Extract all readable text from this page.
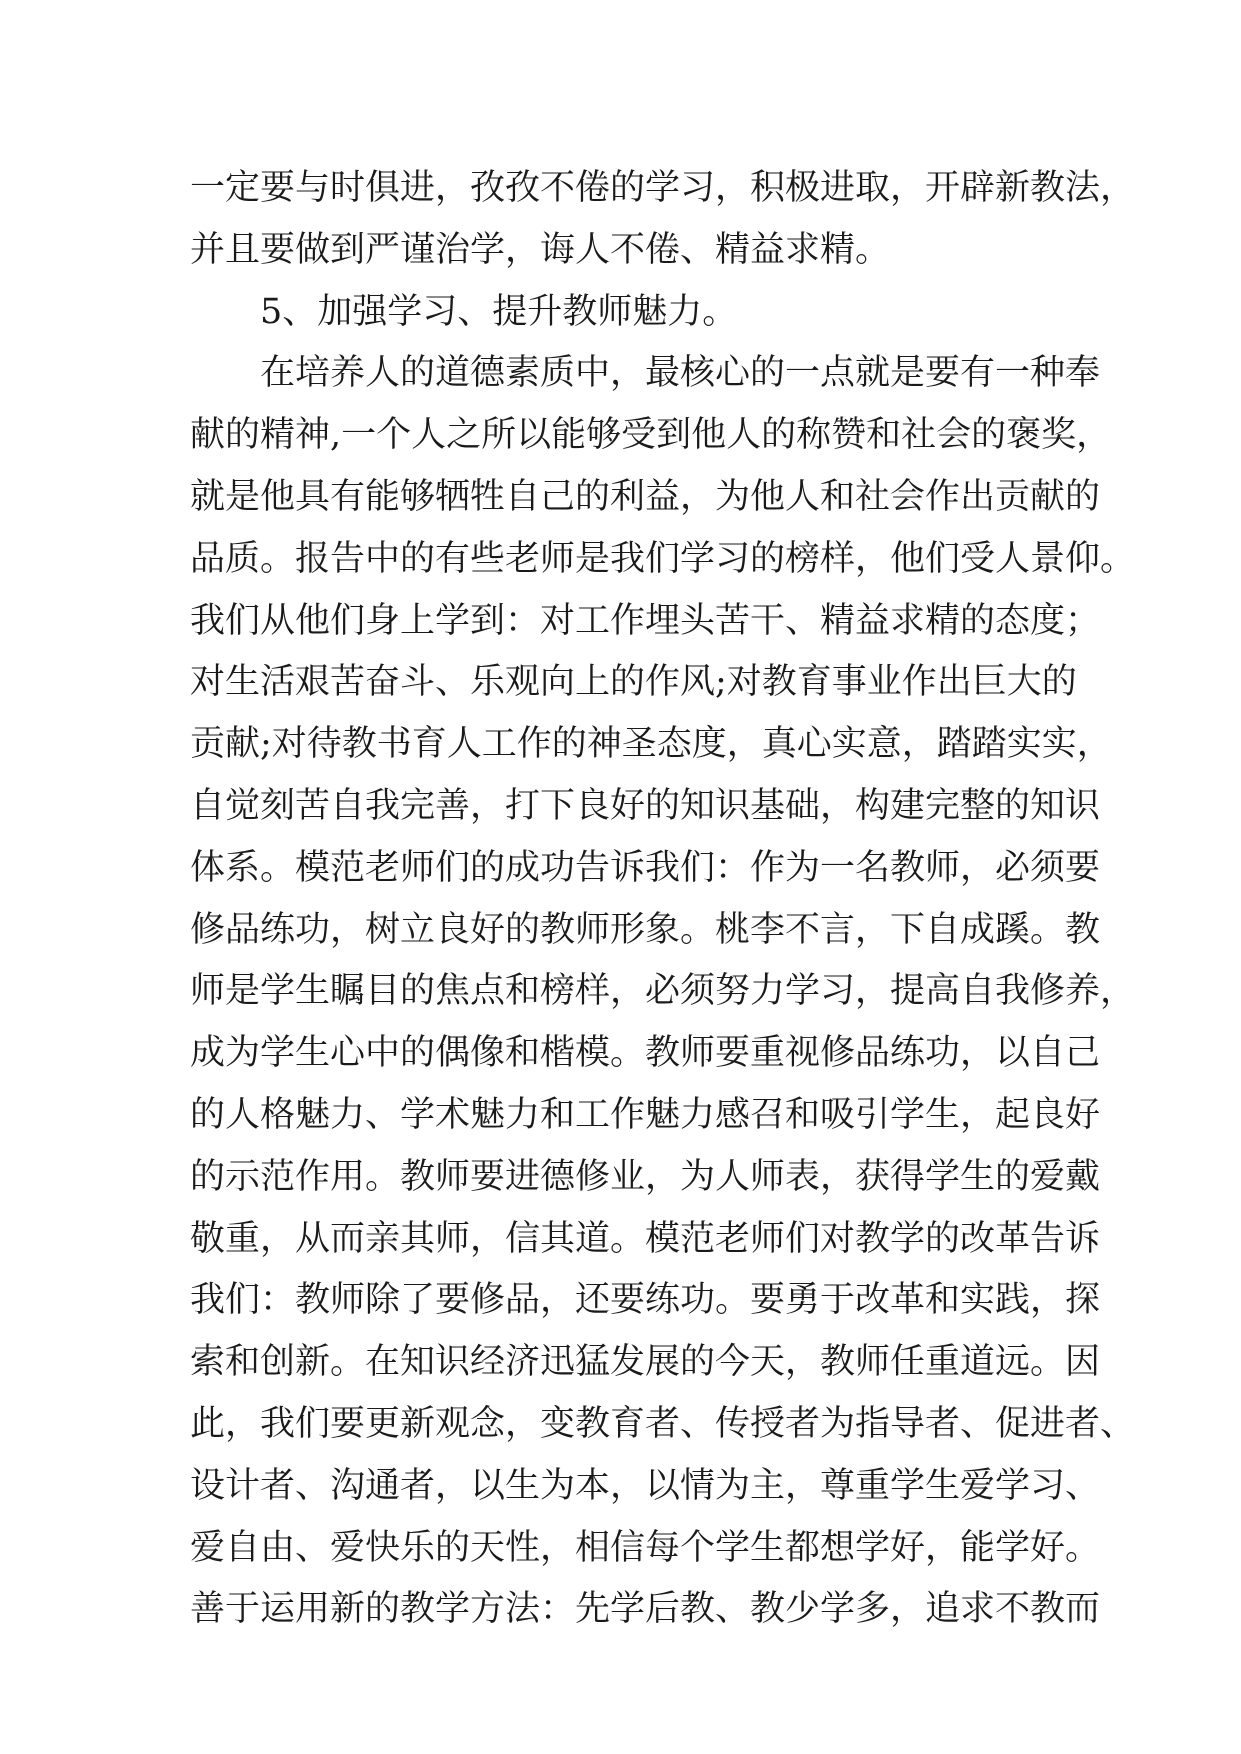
一定要与时俱进，孜孜不倦的学习，积极进取，开辟新教法，
并且要做到严谨治学，诲人不倦、精益求精。
5、加强学习、提升教师魅力。
在培养人的道德素质中，最核心的一点就是要有一种奉
献的精神,一个人之所以能够受到他人的称赞和社会的褒奖，
就是他具有能够牺牲自己的利益，为他人和社会作出贡献的
品质。报告中的有些老师是我们学习的榜样，他们受人景仰。
我们从他们身上学到：对工作埋头苦干、精益求精的态度；
对生活艰苦奋斗、乐观向上的作风;对教育事业作出巨大的
贡献;对待教书育人工作的神圣态度，真心实意，踏踏实实，
自觉刻苦自我完善，打下良好的知识基础，构建完整的知识
体系。模范老师们的成功告诉我们：作为一名教师，必须要
修品练功，树立良好的教师形象。桃李不言，下自成蹊。教
师是学生瞩目的焦点和榜样，必须努力学习，提高自我修养，
成为学生心中的偶像和楷模。教师要重视修品练功，以自己
的人格魅力、学术魅力和工作魅力感召和吸引学生，起良好
的示范作用。教师要进德修业，为人师表，获得学生的爱戴
敬重，从而亲其师，信其道。模范老师们对教学的改革告诉
我们：教师除了要修品，还要练功。要勇于改革和实践，探
索和创新。在知识经济迅猛发展的今天，教师任重道远。因
此，我们要更新观念，变教育者、传授者为指导者、促进者、
设计者、沟通者，以生为本，以情为主，尊重学生爱学习、
爱自由、爱快乐的天性，相信每个学生都想学好，能学好。
善于运用新的教学方法：先学后教、教少学多，追求不教而
